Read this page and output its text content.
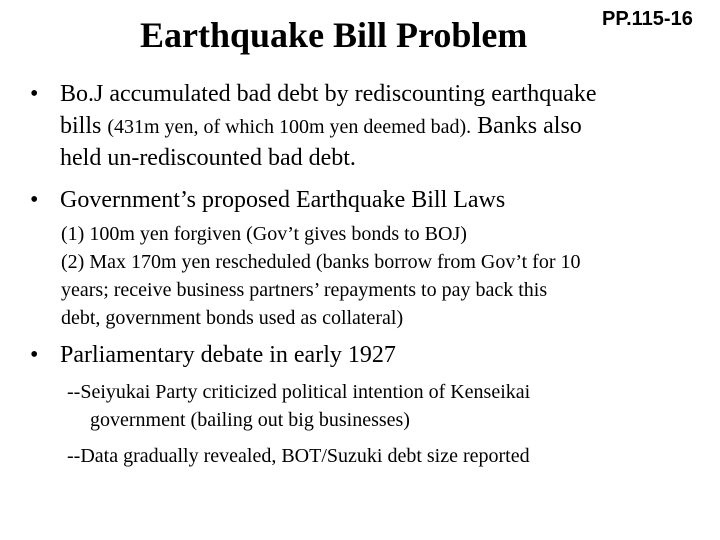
Earthquake Bill Problem	PP.115-16
• Bo.J accumulated bad debt by rediscounting earthquake
bills (431m yen, of which 100m yen deemed bad). Banks also
held un-rediscounted bad debt.
• Government’s proposed Earthquake Bill Laws
(1) 100m yen forgiven (Gov’t gives bonds to BOJ)
(2) Max 170m yen rescheduled (banks borrow from Gov’t for 10
years; receive business partners’ repayments to pay back this
debt, government bonds used as collateral)
• Parliamentary debate in early 1927
--Seiyukai Party criticized political intention of Kenseikai
government (bailing out big businesses)
--Data gradually revealed, BOT/Suzuki debt size reported
